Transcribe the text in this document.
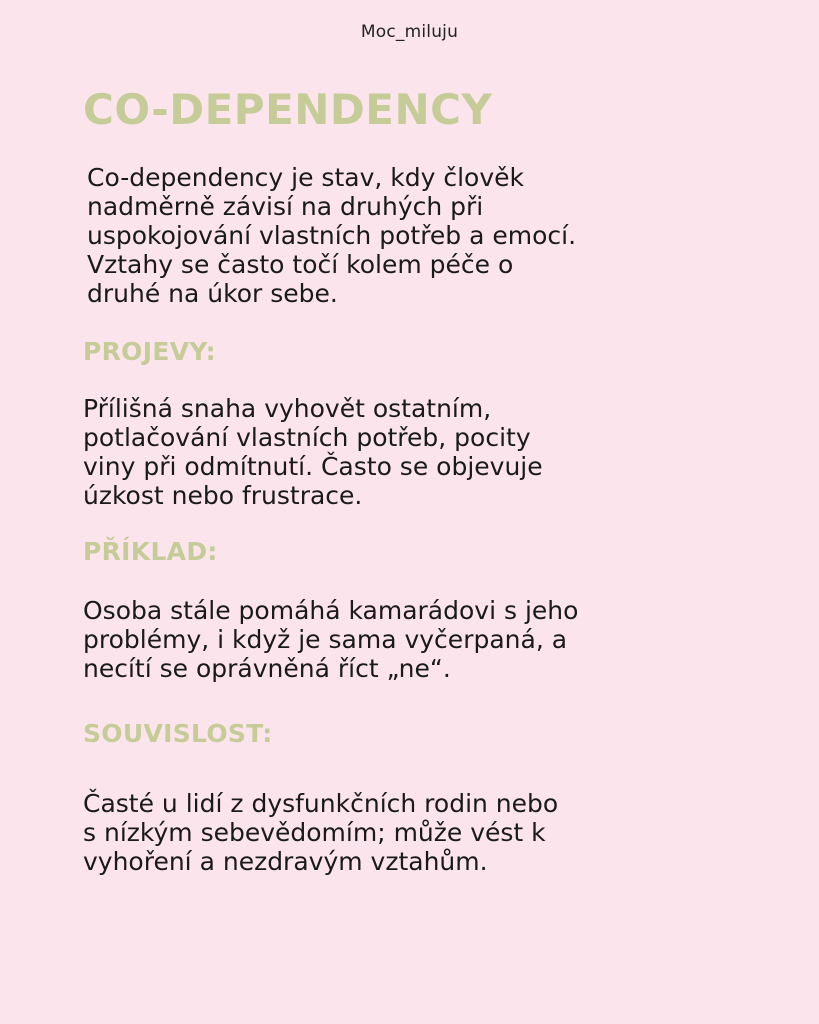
Moc_miluju
CO-DEPENDENCY
Co-dependency je stav, kdy člověk
nadměrně závisí na druhých při
uspokojování vlastních potřeb a emocí.
Vztahy se často točí kolem péče o
druhé na úkor sebe.
PROJEVY:
Přílišná snaha vyhovět ostatním,
potlačování vlastních potřeb, pocity
viny při odmítnutí. Často se objevuje
úzkost nebo frustrace.
PŘÍKLAD:
Osoba stále pomáhá kamarádovi s jeho
problémy, i když je sama vyčerpaná, a
necítí se oprávněná říct „ne“.
SOUVISLOST:
Časté u lidí z dysfunkčních rodin nebo
s nízkým sebevědomím; může vést k
vyhoření a nezdravým vztahům.
